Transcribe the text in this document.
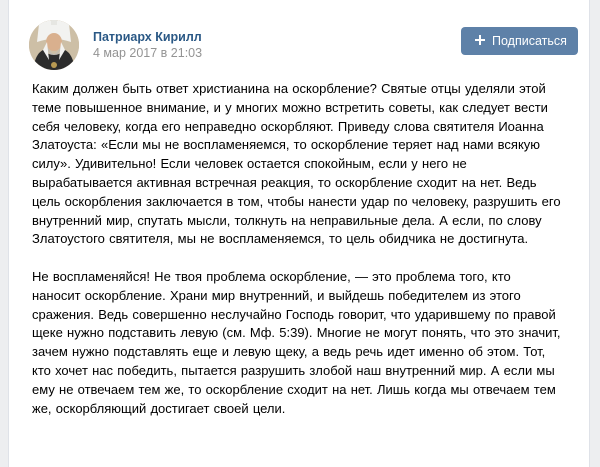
Патриарх Кирилл
4 мар 2017 в 21:03
Подписаться

Каким должен быть ответ христианина на оскорбление? Святые отцы уделяли этой теме повышенное внимание, и у многих можно встретить советы, как следует вести себя человеку, когда его неправедно оскорбляют. Приведу слова святителя Иоанна Златоуста: «Если мы не воспламеняемся, то оскорбление теряет над нами всякую силу». Удивительно! Если человек остается спокойным, если у него не вырабатывается активная встречная реакция, то оскорбление сходит на нет. Ведь цель оскорбления заключается в том, чтобы нанести удар по человеку, разрушить его внутренний мир, спутать мысли, толкнуть на неправильные дела. А если, по слову Златоустого святителя, мы не воспламеняемся, то цель обидчика не достигнута.

Не воспламеняйся! Не твоя проблема оскорбление, — это проблема того, кто наносит оскорбление. Храни мир внутренний, и выйдешь победителем из этого сражения. Ведь совершенно неслучайно Господь говорит, что ударившему по правой щеке нужно подставить левую (см. Мф. 5:39). Многие не могут понять, что это значит, зачем нужно подставлять еще и левую щеку, а ведь речь идет именно об этом. Тот, кто хочет нас победить, пытается разрушить злобой наш внутренний мир. А если мы ему не отвечаем тем же, то оскорбление сходит на нет. Лишь когда мы отвечаем тем же, оскорбляющий достигает своей цели.
